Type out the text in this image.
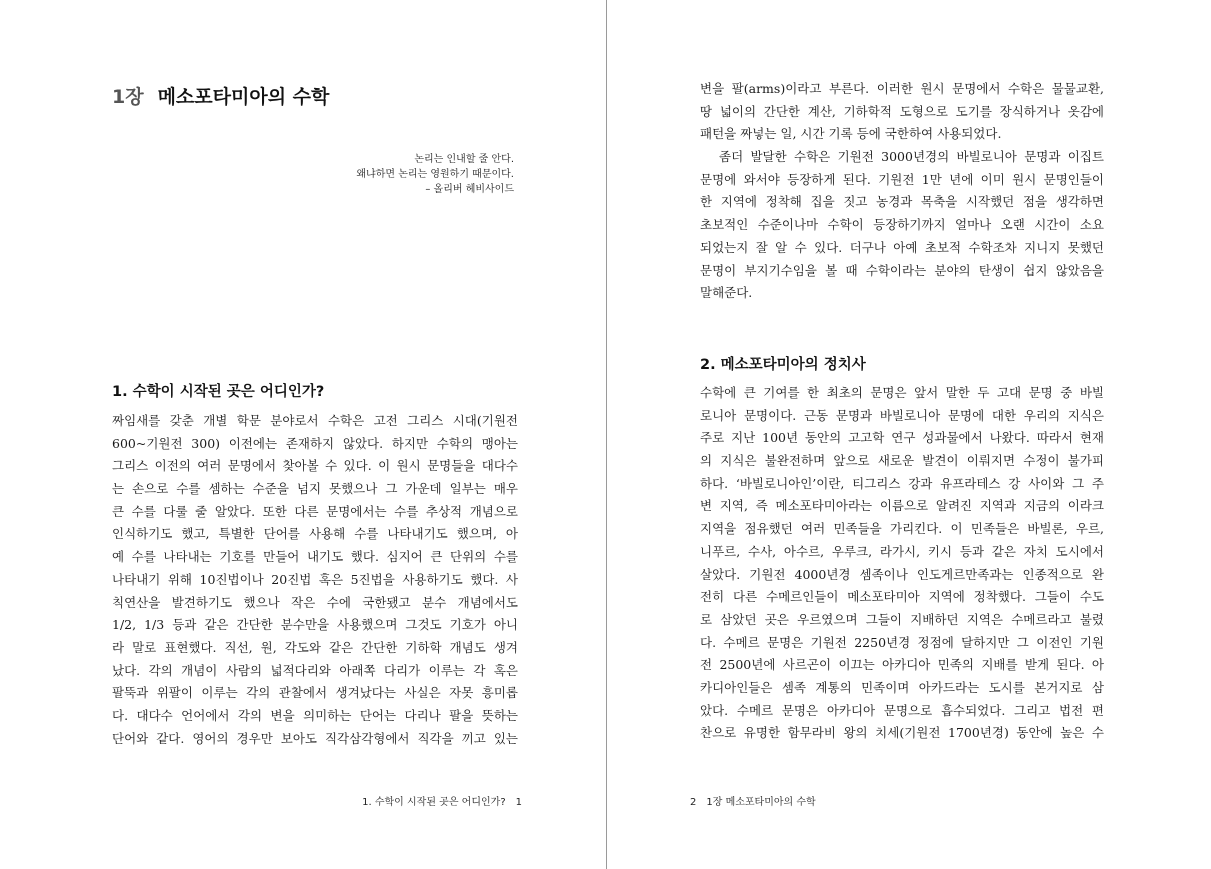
1장 메소포타미아의 수학
논리는 인내할 줄 안다.
왜냐하면 논리는 영원하기 때문이다.
– 올리버 헤비사이드
1. 수학이 시작된 곳은 어디인가?
짜임새를 갖춘 개별 학문 분야로서 수학은 고전 그리스 시대(기원전
600~기원전 300) 이전에는 존재하지 않았다. 하지만 수학의 맹아는
그리스 이전의 여러 문명에서 찾아볼 수 있다. 이 원시 문명들을 대다수
는 손으로 수를 셈하는 수준을 넘지 못했으나 그 가운데 일부는 매우
큰 수를 다룰 줄 알았다. 또한 다른 문명에서는 수를 추상적 개념으로
인식하기도 했고, 특별한 단어를 사용해 수를 나타내기도 했으며, 아
예 수를 나타내는 기호를 만들어 내기도 했다. 심지어 큰 단위의 수를
나타내기 위해 10진법이나 20진법 혹은 5진법을 사용하기도 했다. 사
칙연산을 발견하기도 했으나 작은 수에 국한됐고 분수 개념에서도
1/2, 1/3 등과 같은 간단한 분수만을 사용했으며 그것도 기호가 아니
라 말로 표현했다. 직선, 원, 각도와 같은 간단한 기하학 개념도 생겨
났다. 각의 개념이 사람의 넓적다리와 아래쪽 다리가 이루는 각 혹은
팔뚝과 위팔이 이루는 각의 관찰에서 생겨났다는 사실은 자못 흥미롭
다. 대다수 언어에서 각의 변을 의미하는 단어는 다리나 팔을 뜻하는
단어와 같다. 영어의 경우만 보아도 직각삼각형에서 직각을 끼고 있는
1. 수학이 시작된 곳은 어디인가? 1
변을 팔(arms)이라고 부른다. 이러한 원시 문명에서 수학은 물물교환,
땅 넓이의 간단한 계산, 기하학적 도형으로 도기를 장식하거나 옷감에
패턴을 짜넣는 일, 시간 기록 등에 국한하여 사용되었다.
좀더 발달한 수학은 기원전 3000년경의 바빌로니아 문명과 이집트
문명에 와서야 등장하게 된다. 기원전 1만 년에 이미 원시 문명인들이
한 지역에 정착해 집을 짓고 농경과 목축을 시작했던 점을 생각하면
초보적인 수준이나마 수학이 등장하기까지 얼마나 오랜 시간이 소요
되었는지 잘 알 수 있다. 더구나 아예 초보적 수학조차 지니지 못했던
문명이 부지기수임을 볼 때 수학이라는 분야의 탄생이 쉽지 않았음을
말해준다.
2. 메소포타미아의 정치사
수학에 큰 기여를 한 최초의 문명은 앞서 말한 두 고대 문명 중 바빌
로니아 문명이다. 근동 문명과 바빌로니아 문명에 대한 우리의 지식은
주로 지난 100년 동안의 고고학 연구 성과물에서 나왔다. 따라서 현재
의 지식은 불완전하며 앞으로 새로운 발견이 이뤄지면 수정이 불가피
하다. ‘바빌로니아인’이란, 티그리스 강과 유프라테스 강 사이와 그 주
변 지역, 즉 메소포타미아라는 이름으로 알려진 지역과 지금의 이라크
지역을 점유했던 여러 민족들을 가리킨다. 이 민족들은 바빌론, 우르,
니푸르, 수사, 아수르, 우루크, 라가시, 키시 등과 같은 자치 도시에서
살았다. 기원전 4000년경 셈족이나 인도게르만족과는 인종적으로 완
전히 다른 수메르인들이 메소포타미아 지역에 정착했다. 그들이 수도
로 삼았던 곳은 우르였으며 그들이 지배하던 지역은 수메르라고 불렸
다. 수메르 문명은 기원전 2250년경 정점에 달하지만 그 이전인 기원
전 2500년에 사르곤이 이끄는 아카디아 민족의 지배를 받게 된다. 아
카디아인들은 셈족 계통의 민족이며 아카드라는 도시를 본거지로 삼
았다. 수메르 문명은 아카디아 문명으로 흡수되었다. 그리고 법전 편
찬으로 유명한 함무라비 왕의 치세(기원전 1700년경) 동안에 높은 수
2 1장 메소포타미아의 수학
